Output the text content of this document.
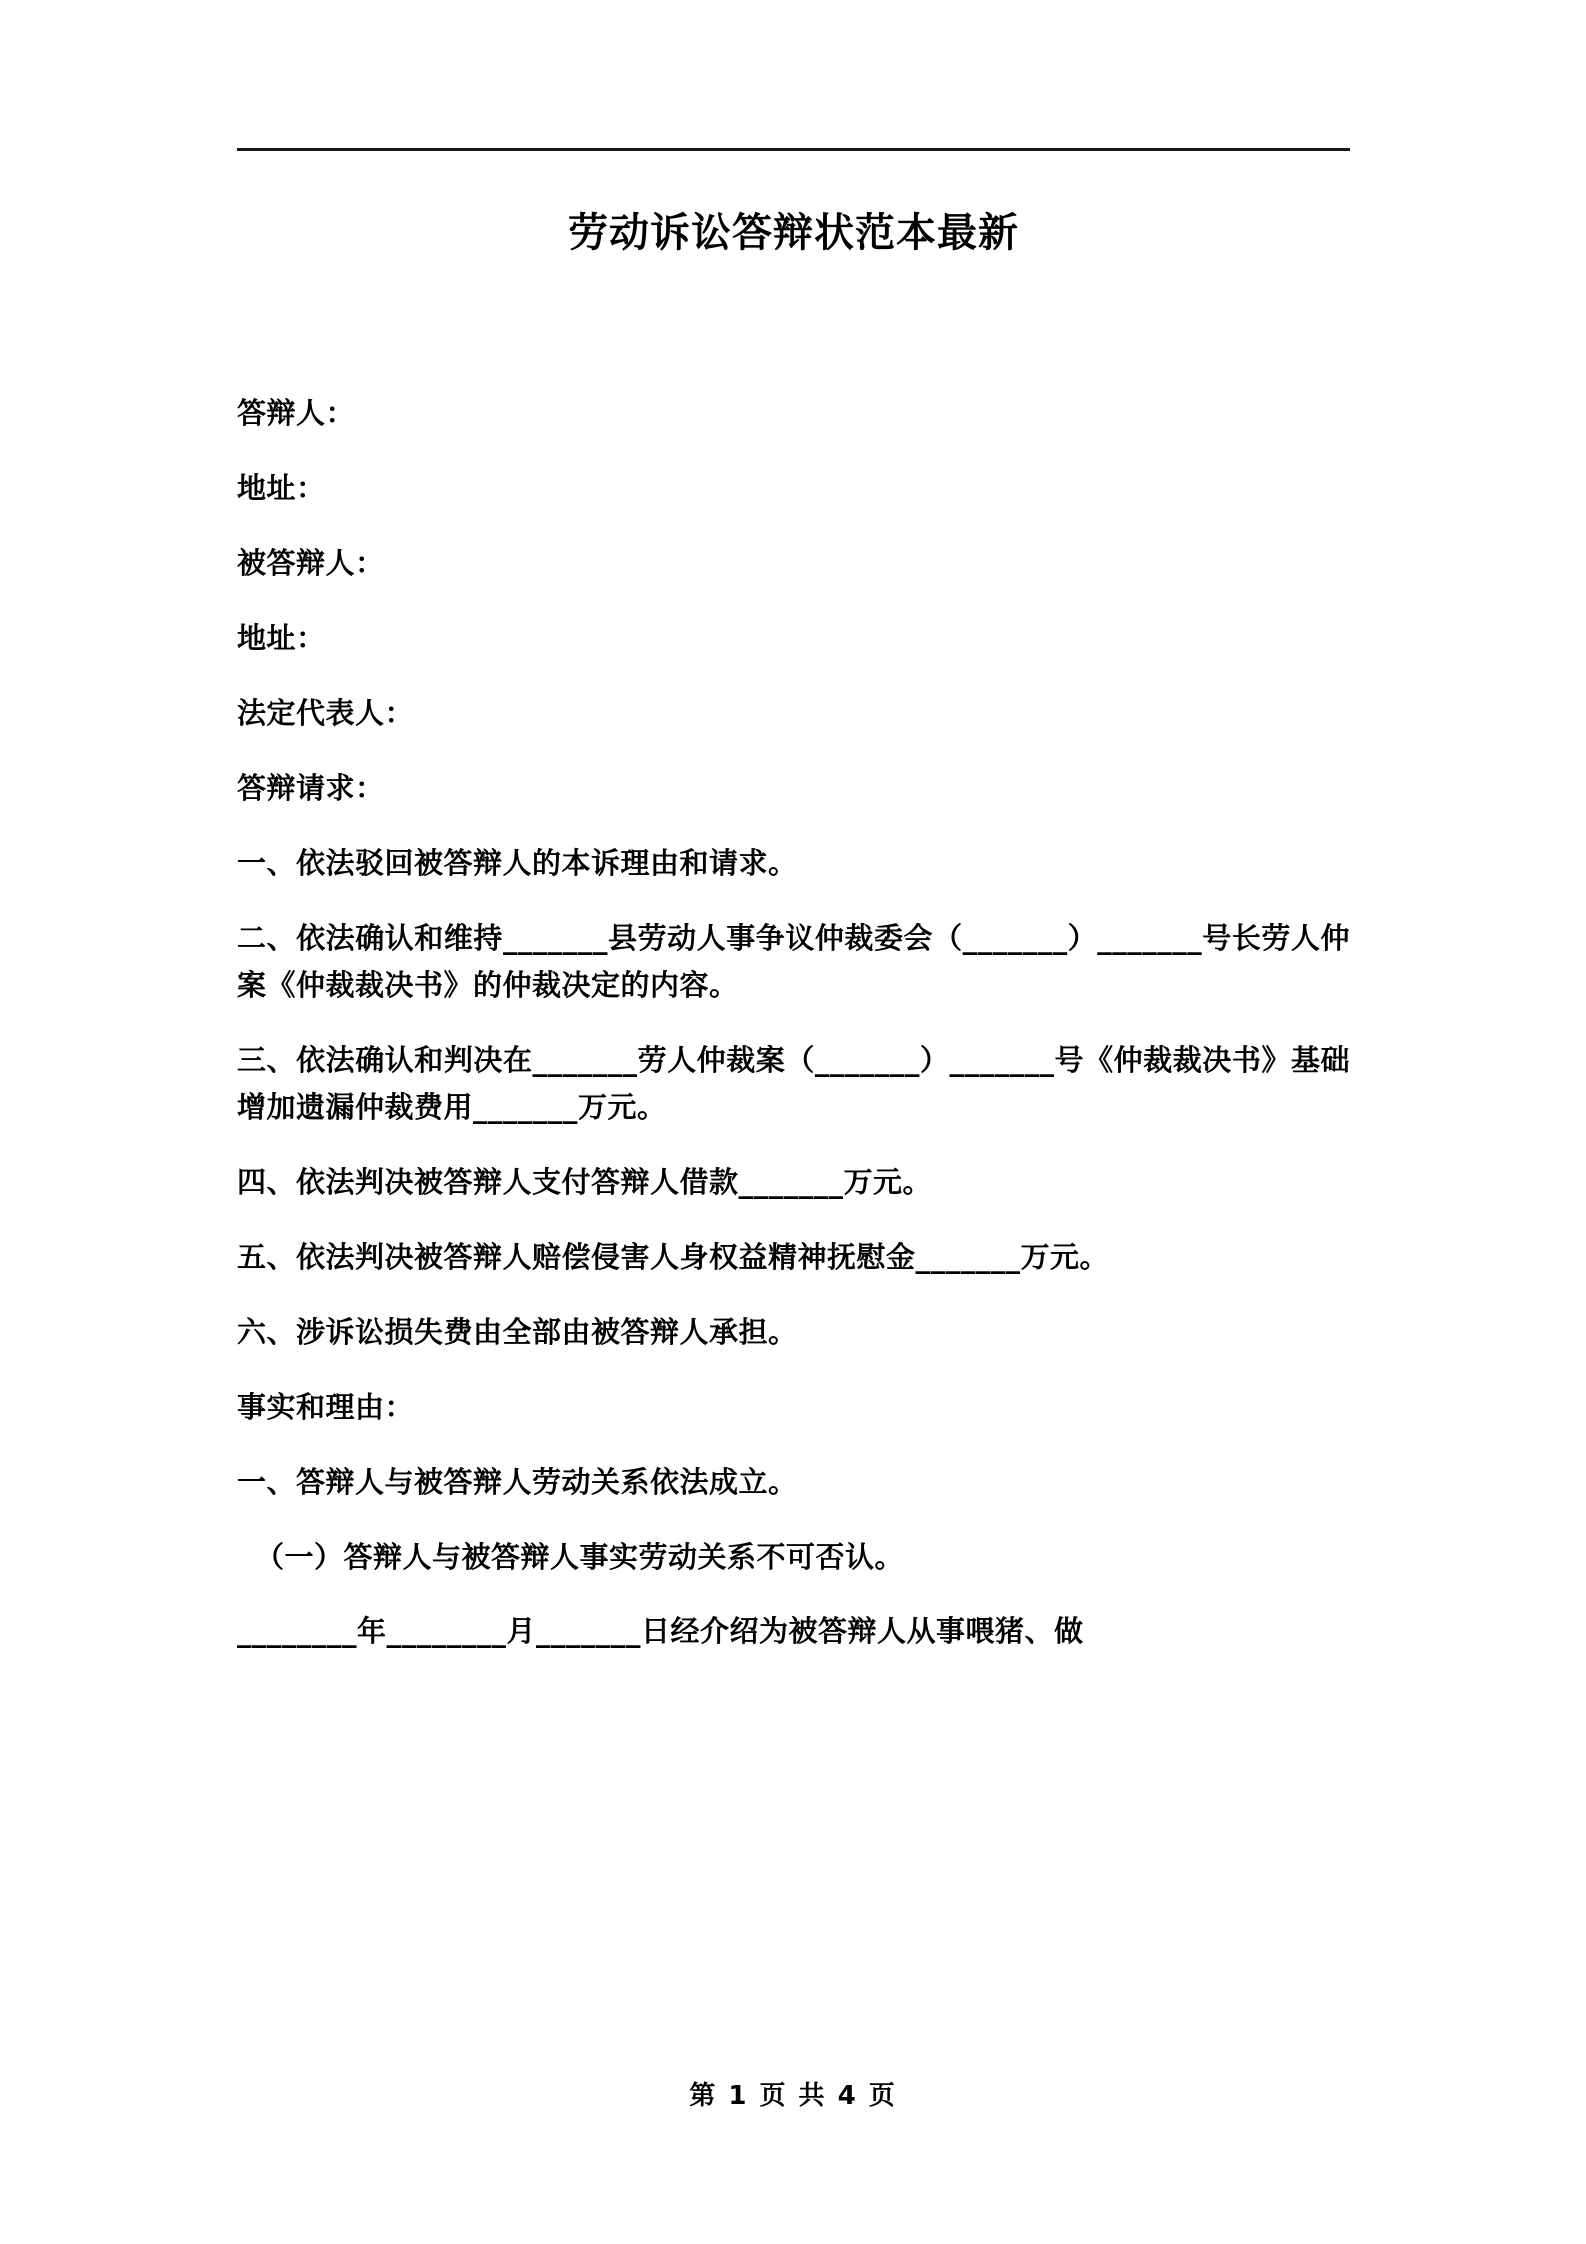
劳动诉讼答辩状范本最新

答辩人：

地址：

被答辩人：

地址：

法定代表人：

答辩请求：

一、依法驳回被答辩人的本诉理由和请求。

二、依法确认和维持_______县劳动人事争议仲裁委会（_______）_______号长劳人仲案《仲裁裁决书》的仲裁决定的内容。

三、依法确认和判决在_______劳人仲裁案（_______）_______号《仲裁裁决书》基础增加遗漏仲裁费用_______万元。

四、依法判决被答辩人支付答辩人借款_______万元。

五、依法判决被答辩人赔偿侵害人身权益精神抚慰金_______万元。

六、涉诉讼损失费由全部由被答辩人承担。

事实和理由：

一、答辩人与被答辩人劳动关系依法成立。

（一）答辩人与被答辩人事实劳动关系不可否认。

________年________月_______日经介绍为被答辩人从事喂猪、做

第 1 页 共 4 页
